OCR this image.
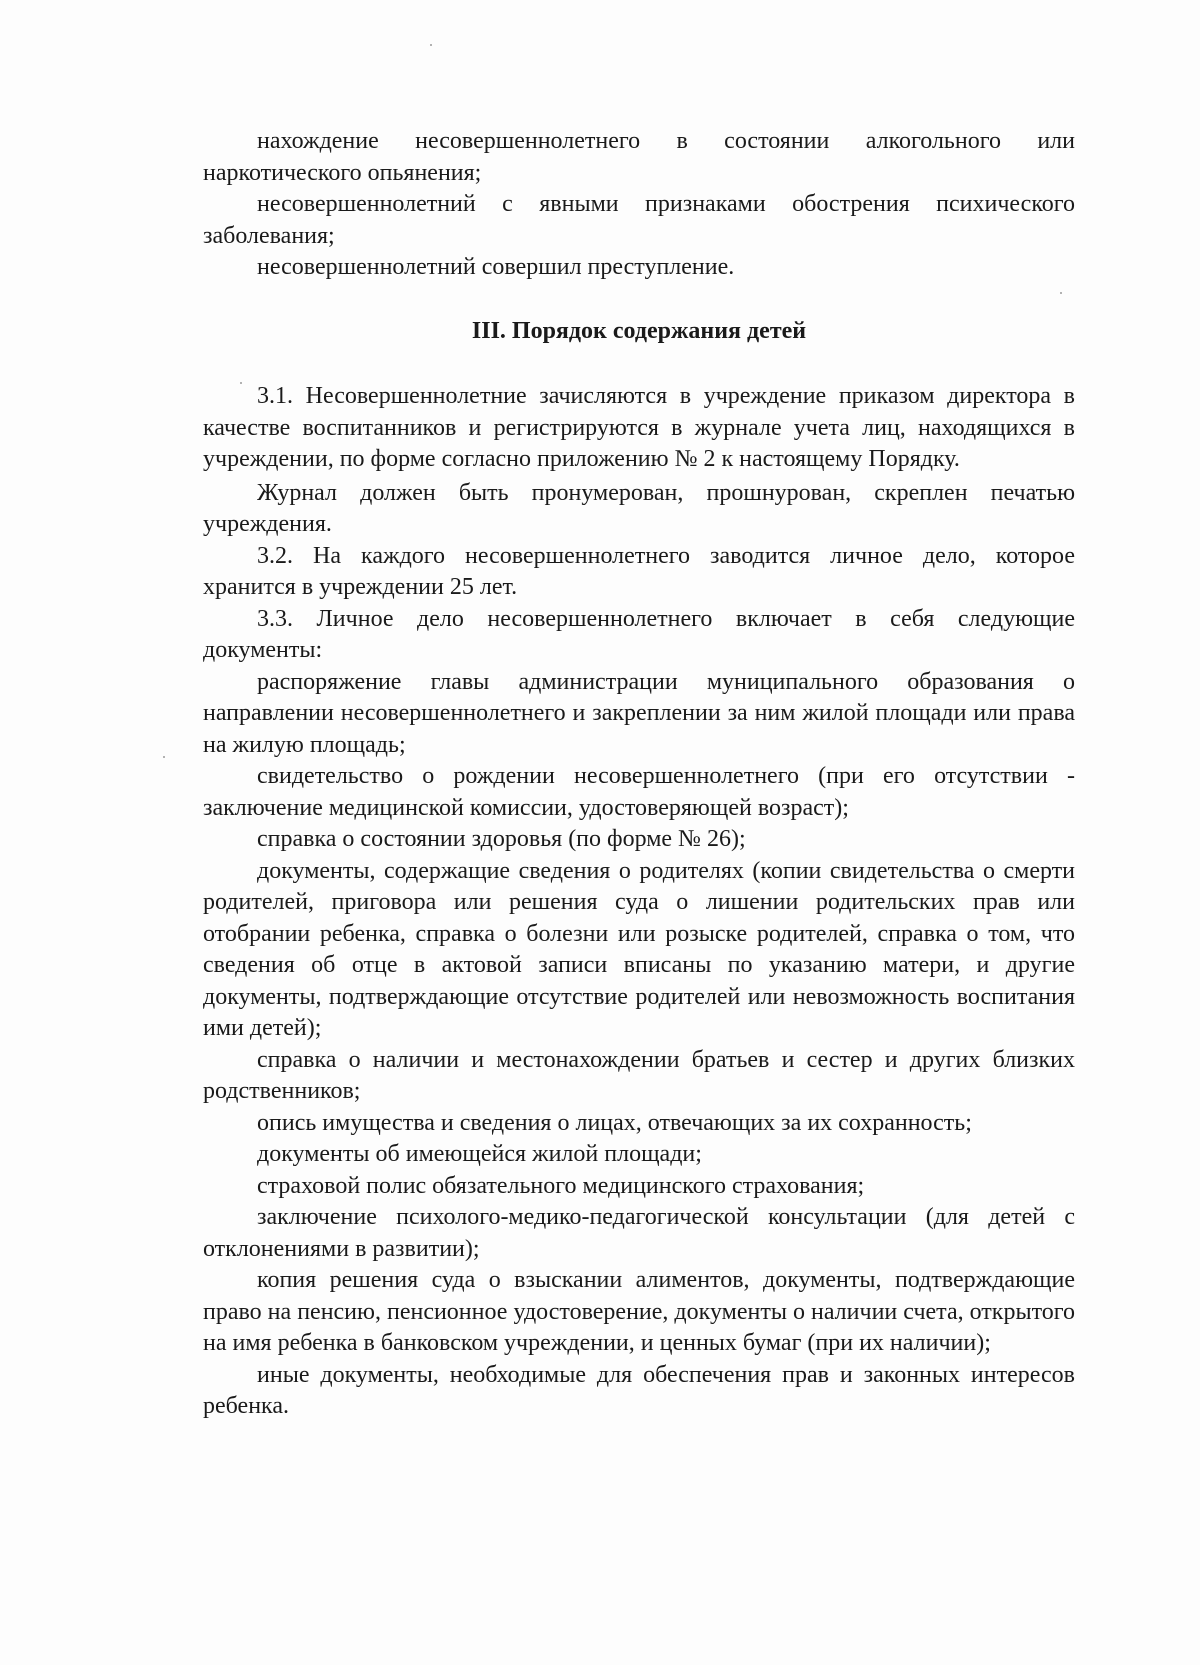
нахождение несовершеннолетнего в состоянии алкогольного или наркотического опьянения;

несовершеннолетний с явными признаками обострения психического заболевания;

несовершеннолетний совершил преступление.

III. Порядок содержания детей

3.1. Несовершеннолетние зачисляются в учреждение приказом директора в качестве воспитанников и регистрируются в журнале учета лиц, находящихся в учреждении, по форме согласно приложению № 2 к настоящему Порядку.

Журнал должен быть пронумерован, прошнурован, скреплен печатью учреждения.

3.2. На каждого несовершеннолетнего заводится личное дело, которое хранится в учреждении 25 лет.

3.3. Личное дело несовершеннолетнего включает в себя следующие документы:

распоряжение главы администрации муниципального образования о направлении несовершеннолетнего и закреплении за ним жилой площади или права на жилую площадь;

свидетельство о рождении несовершеннолетнего (при его отсутствии - заключение медицинской комиссии, удостоверяющей возраст);

справка о состоянии здоровья (по форме № 26);

документы, содержащие сведения о родителях (копии свидетельства о смерти родителей, приговора или решения суда о лишении родительских прав или отобрании ребенка, справка о болезни или розыске родителей, справка о том, что сведения об отце в актовой записи вписаны по указанию матери, и другие документы, подтверждающие отсутствие родителей или невозможность воспитания ими детей);

справка о наличии и местонахождении братьев и сестер и других близких родственников;

опись имущества и сведения о лицах, отвечающих за их сохранность;

документы об имеющейся жилой площади;

страховой полис обязательного медицинского страхования;

заключение психолого-медико-педагогической консультации (для детей с отклонениями в развитии);

копия решения суда о взыскании алиментов, документы, подтверждающие право на пенсию, пенсионное удостоверение, документы о наличии счета, открытого на имя ребенка в банковском учреждении, и ценных бумаг (при их наличии);

иные документы, необходимые для обеспечения прав и законных интересов ребенка.
